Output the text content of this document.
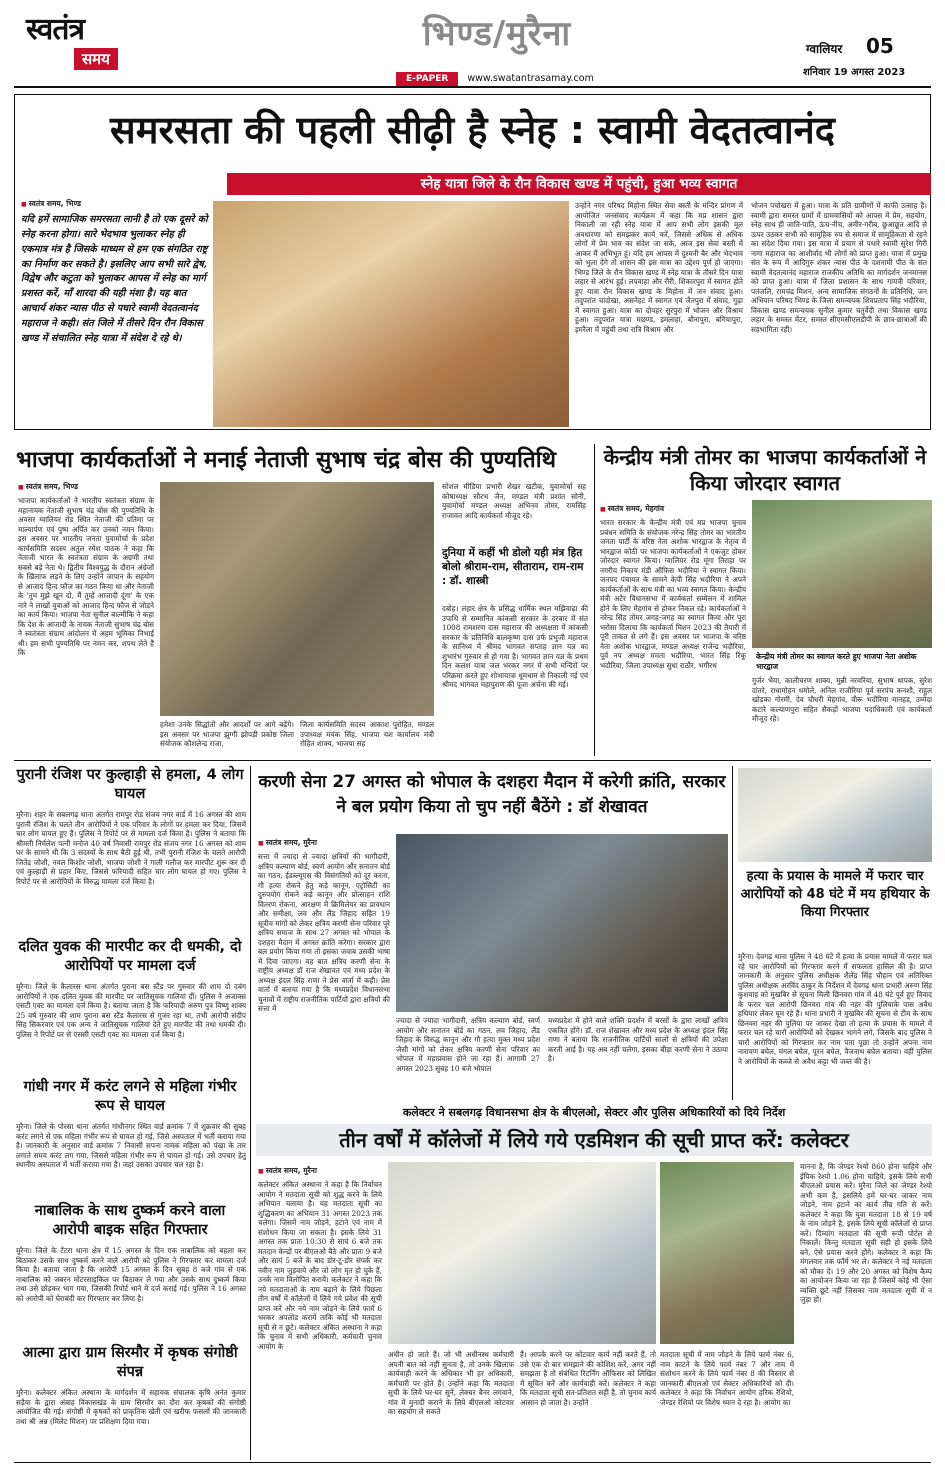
स्वतंत्र
समय
भिण्ड/मुरैना
E-PAPER www.swatantrasamay.com
ग्वालियर 05
शनिवार 19 अगस्त 2023
समरसता की पहली सीढ़ी है स्नेह : स्वामी वेदतत्वानंद
स्नेह यात्रा जिले के रौन विकास खण्ड में पहुंची, हुआ भव्य स्वागत
■ स्वतंत्र समय, भिण्ड
यदि हमें सामाजिक समरसता लानी है तो एक दूसरे को स्नेह करना होगा। सारे भेदभाव भुलाकर स्नेह ही एकमात्र मंत्र है जिसके माध्यम से हम एक संगठित राष्ट्र का निर्माण कर सकते है। इसलिए आप सभी सारे द्वेष, विद्वेष और कटुता को भुलाकर आपस में स्नेह का मार्ग प्रशस्त करें, माँ शारदा की यही मंशा है। यह बात आचार्य शंकर न्यास पीठ से पधारे स्वामी वेदतत्वानंद महाराज ने कही। संत जिले में तीसरे दिन रौन विकास खण्ड में संचालित स्नेह यात्रा में संदेश दे रहे थे।
उन्होंने नगर परिषद मिहोना स्थित सेवा बस्ती के मन्दिर प्रांगण में आयोजित जनसंवाद कार्यक्रम में कहा कि मप्र शासन द्वारा निकाली जा रही स्नेह यात्रा में आप सभी लोग इसकी मूल अवधारणा को समझकर कार्य करें, जिससे अधिक से अधिक लोगों में प्रेम भाव का संदेश जा सके, आज इस सेवा बस्ती में आकर मैं अभिभूत हूं। यदि हम आपस में दुश्मनी बैर और भेदभाव को भुला देंगे तो शासन की इस यात्रा का उद्देश्य पूर्ण हो जाएगा। भिण्ड जिले के रौन विकास खण्ड में स्नेह यात्रा के तीसरे दिन यात्रा लहार से आरंभ हुई। लपवाहा और रौरी, शिकारपुरा में स्वागत होते हुए यात्रा रौन विकास खण्ड के मिहोना में जन संवाद हुआ। तदुपरांत चांदोखा, असनेहट में स्वागत एवं जैतपुरा में संवाद, गुढ़ा में स्वागत हुआ। यात्रा का दोपहर सुरपुरा में भोजन और विश्राम हुआ। तदुपरांत यात्रा मछण्ड, इमलाहा, बौनापुरा, बगियापुरा, इमरैला में पहुंची तथा रात्रि विश्राम और
भोजन पचोखरा में हुआ। यात्रा के प्रति ग्रामीणों में काफी उत्साह है। स्वामी द्वारा समस्त ग्रामों में ग्रामवासियों को आपस में प्रेम, सहयोग, स्नेह साथ ही जाति-पाति, ऊंच-नीच, अमीर-गरीब, छुआछूत आदि से ऊपर उठकर सभी को सामूहिक रुप से समाज में सामूहिकता से रहने का संदेश दिया गया। इस यात्रा में प्रयाग से पधारे स्वामी सुरेश गिरी नागा महाराज का आशीर्वाद भी लोगों को प्राप्त हुआ। यात्रा में प्रमुख संत के रूप में आदिगुरु शंकर न्यास पीठ के दशनामी पीठ के संत स्वामी वेदतत्वानंद महाराज राजकीय अतिथि का मार्गदर्शन जनमानस को प्राप्त हुआ। यात्रा में जिला प्रशासन के साथ गायत्री परिवार, पतंजलि, रामचंद्र मिशन, अन्य सामाजिक संगठनों के प्रतिनिधि, जन अभियान परिषद भिण्ड के जिला समन्वयक शिवप्रताप सिंह भदौरिया, विकास खण्ड समन्वयक सुनील कुमार चतुर्वेदी तथा विकास खण्ड लहार के समस्त मेंटर, समस्त सीएमसीएलडीपी के छात्र-छात्राओं की सहभागिता रही।
भाजपा कार्यकर्ताओं ने मनाई नेताजी सुभाष चंद्र बोस की पुण्यतिथि
■ स्वतंत्र समय, भिण्ड
भाजपा कार्यकर्ताओं ने भारतीय स्वतंत्रता संग्राम के महानायक नेताजी सुभाष चंद्र बोस की पुण्यतिथि के अवसर ग्वालियर रोड स्थित नेताजी की प्रतिमा पर माल्यार्पण एवं पुष्प अर्पित कर उनको नमन किया। इस अवसर पर भारतीय जनता युवामोर्चा के प्रदेश कार्यसमिति सदस्य अतुल रमेश पाठक ने कहा कि नेताजी भारत के स्वतंत्रता संग्राम के अग्रणी तथा सबसे बड़े नेता थे। द्वितीय विश्वयुद्ध के दौरान अंग्रेजों के खिलाफ लड़ने के लिए उन्होंने जापान के सहयोग से आजाद हिन्द फौज का गठन किया था और नेताजी के 'तुम मुझे खून दो, मैं तुम्हें आजादी दूंगा' के एक नारे ने लाखों युवाओं को आजाद हिन्द फौज से जोड़ने का कार्य किया। भाजपा नेता सुनील बाल्मीकि ने कहा कि देश के आजादी के नायक नेताजी सुभाष चंद्र बोस ने स्वतंत्रता संग्राम आंदोलन में अहम भूमिका निभाई थी। हम सभी पुण्यतिथि पर नमन कर, शपथ लेते हैं कि
हमेशा उनके सिद्धांतों और आदर्शों पर आगे बढ़ेंगे। इस अवसर पर भाजपा झुग्गी झोपड़ी प्रकोष्ठ जिला संयोजक कौशलेन्द्र राजा,
जिला कार्यसमिति सदस्य आकाश पुरोहित, मण्डल उपाध्यक्ष मयंक सिंह, भाजपा यश कार्यालय मंत्री रोहित शाक्य, भाजपा सह
सोशल मीडिया प्रभारी शेखर खटीक, युवामोर्चा सह कोषाध्यक्ष सौरभ जैन, मण्डल मंत्री प्रशांत सोनी, युवामोर्चा मण्डल अध्यक्ष अभिनव तोमर, रामसिंह राजावत आदि कार्यकर्ता मौजूद रहे।
दुनिया में कहीं भी डोलो यही मंत्र हित बोलो श्रीराम-राम, सीताराम, राम-राम : डॉ. शास्त्री
दबोह। लहार क्षेत्र के प्रसिद्ध धार्मिक स्थल मझिवाढ़ा की उपाधि से सम्मानित कांकसी सरकार के दरबार में संत 1008 रामशरण दास महाराज की अध्यक्षता में कांकसी सरकार के प्रतिनिधि बालकृष्ण दास उर्फ प्रभुजी महाराज के सानिध्य में श्रीमद भागवत सप्ताह ज्ञान यज्ञ का शुभारंभ गुरुवार से हो गया है। भागवत ज्ञान यज्ञ के प्रथम दिन कलश यात्रा जल भरकर नगर में सभी मन्दिरों पर परिक्रमा करते हुए शोभायात्रा धूमधाम से निकाली गई एवं श्रीमद भागवत महापुराण की पूजा अर्चना की गई।
केन्द्रीय मंत्री तोमर का भाजपा कार्यकर्ताओं ने किया जोरदार स्वागत
■ स्वतंत्र समय, मेहगांव
भारत सरकार के केन्द्रीय मंत्री एवं मप्र भाजपा चुनाव प्रबंधन समिति के संयोजक नरेन्द्र सिंह तोमर का भारतीय जनता पार्टी के वरिष्ठ नेता अशोक भारद्वाज के नेतृत्व में भारद्वाज कोठी पर भाजपा कार्यकर्ताओं ने एकजुट होकर जोरदार स्वागत किया। ग्वालियर रोड मूंगा तिराहा पर नगरीय निकाय मंडी ऑफ़िस भदौरिया ने स्वागत किया। जनपद पंचायत के सामने केपी सिंह भदौरिया ने अपने कार्यकर्ताओं के साथ मंत्री का भव्य स्वागत किया। केन्द्रीय मंत्री अटेर विधानसभा में कार्यकर्ता सम्मेलन में शामिल होने के लिए मेहगांव से होकर निकल रहे। कार्यकर्ताओं ने नरेन्द्र सिंह तोमर जगह-जगह का स्वागत किया और पूरा भरोसा दिलाया कि कार्यकर्ता मिशन 2023 की तैयारी में पूरी ताकत से लगे हैं। इस अवसर पर भाजपा के वरिष्ठ नेता अशोक भारद्वाज, मण्डल अध्यक्ष राजेन्द्र भदौरिया, पूर्व नप अध्यक्ष ममता भदौरिया, भारत सिंह रिंकू भदौरिया, जिला उपाध्यक्ष सुधा राठौर, भगीरथ
केन्द्रीय मंत्री तोमर का स्वागत करते हुए भाजपा नेता अशोक भारद्वाज
गुर्जर भैया, कालीचरण शाक्य, मुन्नी नरवरिया, सुभाष थापक, सुरेश दांतरे, राधामोहन धमोले, अनिल राजौरिया पूर्व सरपंच कनशौ, राहुल खोड़का गोरमी, देव चौधरी मेहगांव, वीरू भदौरिया मानहड, उम्मेदा कटारे कल्याणपुरा सहित सैकड़ों भाजपा पदाधिकारी एवं कार्यकर्ता मौजूद रहे।
पुरानी रंजिश पर कुल्हाड़ी से हमला, 4 लोग घायल
मुरैना। शहर के सबलगढ़ थाना अंतर्गत रामपुर रोड संजय नगर वार्ड में 16 अगस्त की शाम पुरानी रंजिश के चलते तीन आरोपियों ने एक परिवार के लोगों पर हमला कर दिया, जिसमें चार लोग घायल हुए हैं। पुलिस ने रिपोर्ट पर से मामला दर्ज किया है। पुलिस ने बताया कि श्रीमती निर्मलेश पत्नी मनोज 40 वर्ष निवासी रामपुर रोड संजय नगर 16 अगस्त को शाम घर के सामने थी कि 3 सदस्यों के साथ बैठी हुई थी, तभी पुरानी रंजिश के चलते आरोपी जितेंद्र जोशी, नवल किशोर जोशी, भाजपा जोशी ने गाली गलौज कर मारपीट शुरू कर दी एवं कुल्हाड़ी से प्रहार किए, जिससे फरियादी सहित चार लोग घायल हो गए। पुलिस ने रिपोर्ट पर से आरोपियों के विरुद्ध मामला दर्ज किया है।
दलित युवक की मारपीट कर दी धमकी, दो आरोपियों पर मामला दर्ज
मुरैना। जिले के कैलारस थाना अंतर्गत पुराना बस स्टैंड पर गुरुवार की शाम दो दबंग आरोपियों ने एक दलित युवक की मारपीट पर जातिसूचक गालियां दीं। पुलिस ने अजाक्स एसटी एक्ट का मामला दर्ज किया है। बताया जाता है कि फरियादी अरुण पुत्र विष्णु शाक्य 25 वर्ष गुरुवार की शाम पुराना बस स्टैंड कैलारस से गुजर रहा था, तभी आरोपी संदीप सिंह सिकरवार एवं एक अन्य ने जातिसूचक गालियां देते हुए मारपीट की तथा धमकी दी। पुलिस ने रिपोर्ट पर से एससी एसटी एक्ट का मामला दर्ज किया है।
गांधी नगर में करंट लगने से महिला गंभीर रूप से घायल
मुरैना। जिले के पोरसा थाना अंतर्गत गांधीनगर स्थित वार्ड क्रमांक 7 में शुक्रवार की सुबह करंट लगने से एक महिला गंभीर रूप से घायल हो गई, जिसे अस्पताल में भर्ती कराया गया है। जानकारी के अनुसार वार्ड क्रमांक 7 निवासी सपना नामक महिला को पंखा के तार लगाते समय करंट लग गया, जिससे महिला गंभीर रूप से घायल हो गई। उसे उपचार हेतु स्थानीय अस्पताल में भर्ती कराया गया है। जहां उसका उपचार चल रहा है।
नाबालिक के साथ दुष्कर्म करने वाला आरोपी बाइक सहित गिरफ्तार
मुरैना। जिले के टेंटरा थाना क्षेत्र में 15 अगस्त के दिन एक नाबालिक को बहला कर बिठाकर उसके साथ दुष्कर्म करने वाले आरोपी को पुलिस ने गिरफ्तार कर मामला दर्ज किया है। बताया जाता है कि आरोपी 15 अगस्त के दिन सुबह 8 बजे गांव से एक नाबालिक को जबरन मोटरसाइकिल पर बिठाकर ले गया और उसके साथ दुष्कर्म किया तथा उसे छोड़कर भाग गया, जिसकी रिपोर्ट थाने में दर्ज कराई गई। पुलिस ने 16 अगस्त को आरोपी को घेराबंदी कर गिरफ्तार कर लिया है।
आत्मा द्वारा ग्राम सिरमौर में कृषक संगोष्ठी संपन्न
मुरैना। कलेक्टर अंकित अस्थाना के मार्गदर्शन में सहायक संचालक कृषि अनंत कुमार सड़ैया के द्वारा अंबाह विकासखंड के ग्राम सिरमौर का दौरा कर कृषकों की संगोष्ठी आयोजित की गई। संगोष्ठी में कृषकों को प्राकृतिक खेती एवं खरीफ फसलों की जानकारी तथा श्री अन्न (मिलेट मिशन) पर प्रशिक्षण दिया गया।
करणी सेना 27 अगस्त को भोपाल के दशहरा मैदान में करेगी क्रांति, सरकार ने बल प्रयोग किया तो चुप नहीं बैठेंगे : डॉ शेखावत
■ स्वतंत्र समय, मुरैना
सत्ता में ज्यादा से ज्यादा क्षत्रियों की भागीदारी, क्षत्रिय कल्याण बोर्ड, स्वर्ण आयोग और सनातन बोर्ड का गठन, ईडब्ल्यूएस की विसंगतियों को दूर करना, गौ हत्या रोकने हेतु कड़े कानून, एट्रोसिटी का दुरुपयोग रोकने कड़े कानून और प्रोत्साहन राशि वितरण रोकना, आरक्षण में क्रिमिलेयर का प्रावधान और समीक्षा, लव और लैंड जिहाद सहित 19 सूत्रीय मांगों को लेकर क्षत्रिय करणी सेना परिवार पूरे क्षत्रिय समाज के साथ 27 अगस्त को भोपाल के दशहरा मैदान में अगस्त क्रांति करेगा। सरकार द्वारा बल प्रयोग किया गया तो इसका जवाब उसकी भाषा में दिया जाएगा। यह बात क्षत्रिय करणी सेना के राष्ट्रीय अध्यक्ष डॉ राज शेखावत एवं मध्य प्रदेश के अध्यक्ष इंदल सिंह राणा ने प्रेस वार्ता में कही। प्रेस वार्ता में बताया गया है कि मध्यप्रदेश विधानसभा चुनावों में राष्ट्रीय राजनीतिक पार्टियों द्वारा क्षत्रियों की सत्ता में
ज्यादा से ज्यादा भागीदारी, क्षत्रिय कल्याण बोर्ड, स्वर्ण आयोग और सनातन बोर्ड का गठन, लव जिहाद, लैंड जिहाद के विरुद्ध कानून और गौ हत्या मुक्त मध्य प्रदेश जैसी मांगों को लेकर क्षत्रिय करणी सेना परिवार का भोपाल में महाप्रवास होने जा रहा है। आगामी 27 अगस्त 2023 सुबह 10 बजे भोपाल
मध्यप्रदेश में होने वाले शक्ति प्रदर्शन में बरसों के द्वारा लाखों क्षत्रिय एकत्रित होंगे। डॉ. राज शेखावत और मध्य प्रदेश के अध्यक्ष इंदल सिंह राणा ने बताया कि राजनीतिक पार्टियों सालों से क्षत्रियों की उपेक्षा करती आई है। यह अब नहीं चलेगा, इसका बीड़ा करणी सेना ने उठाया है।
हत्या के प्रयास के मामले में फरार चार आरोपियों को 48 घंटे में मय हथियार के किया गिरफ्तार
मुरैना। देवगढ़ थाना पुलिस ने 48 घंटे में हत्या के प्रयास मामले में फरार चल रहे चार आरोपियों को गिरफ्तार करने में सफलता हासिल की है। प्राप्त जानकारी के अनुसार पुलिस अधीक्षक शैलेंद्र सिंह चौहान एवं अतिरिक्त पुलिस अधीक्षक अरविंद ठाकुर के निर्देशन में देवगढ़ थाना प्रभारी अरुण सिंह कुशवाह को मुखबिर से सूचना मिली छिनवरा गांव में 48 घंटे पूर्व हुए विवाद के फरार चल आरोपी छिनवरा गांव की नहर की पुलियाके पास अवैध हथियार लेकर घूम रहे हैं। थाना प्रभारी ने मुखबिर की सूचना से टीम के साथ छिनवरा नहर की पुलिया पर जाकर देखा तो हत्या के प्रयास के मामले में फरार चल रहे चारों आरोपियों को देखकर भागने लगे, जिसके बाद पुलिस ने चारों आरोपियों को गिरफ्तार कर नाम पता पूछा तो उन्होंने अपना नाम नारायण बघेल, मंगल बघेल, पूरन बघेल, वैजनाथ बघेल बताया। वहीं पुलिस ने आरोपियों के कब्जे से अवैध कट्टा भी जब्त की है।
कलेक्टर ने सबलगढ़ विधानसभा क्षेत्र के बीएलओ, सेक्टर और पुलिस अधिकारियों को दिये निर्देश
तीन वर्षों में कॉलेजों में लिये गये एडमिशन की सूची प्राप्त करें: कलेक्टर
■ स्वतंत्र समय, मुरैना
कलेक्टर अंकित अस्थाना ने कहा है कि निर्वाचन आयोग ने मतदाता सूची को शुद्ध करने के लिये अभियान चलाया है। यह मतदाता सूची का शुद्धिकरण का अभियान 31 अगस्त 2023 तक चलेगा। जिसमें नाम जोड़ने, हटाने एवं नाम में संशोधन किया जा सकता है। इसके लिये 31 अगस्त तक प्रातः 10:30 से सायं 6 बजे तक मतदान केन्द्रों पर बीएलओ बैठे और प्रातः 9 बजे और सायं 5 बजे के बाद डोर-टू-डोर संपर्क कर नवीन नाम जुड़वाये और जो लोग मृत हो चुके हैं, उनके नाम विलोपित करायें। कलेक्टर ने कहा कि नये मतदाताओं के नाम बढ़ाने के लिये पिछला तीन वर्षों में कॉलेजों में लिये गये प्रवेश की सूची प्राप्त करें और नये नाम जोड़ने के लिये फार्म 6 भरकर अपलोड करायें ताकि कोई भी मतदाता सूची से न छूटे। कलेक्टर अंकित अस्थाना ने कहा कि चुनाव में सभी अधिकारी, कर्मचारी चुनाव आयोग के
अधीन हो जाते हैं। जो भी अधीनस्थ कर्मचारी अपनी बात को नहीं सुनता है, तो उनके खिलाफ कार्यवाही करने के अधिकार भी हर अधिकारी, कर्मचारी पर होते हैं। उन्होंने कहा कि मतदाता सूची के लिये घर-घर सुनें, लेक्चर बैनर लगवाने, गांव में मुनादी कराने के लिये बीएलओ कोटवार का सहयोग ले सकते
हैं। आपके करने पर कोटवार कार्य नहीं करते हैं, तो उसे एक दो बार समझाने की कोशिश करें, अगर नहीं समझता है तो संबंधित रिटर्निंग ऑफिसर को लिखित में सूचित करें और कार्यवाही करें। कलेक्टर ने कहा कि मतदाता सूची सत-प्रतिशत सही है, तो चुनाव कार्य आसान हो जाता है। उन्होंने
मतदाता सूची में नाम जोड़ने के लिये फार्म नंबर 6, नाम काटने के लिये फार्म नंबर 7 और नाम में संशोधन करने के लिये फार्म नंबर 8 की विस्तार से जानकारी बीएलओ एवं सेक्टर अधिकारियों को दी। कलेक्टर ने कहा कि निर्वाचन आयोग हरिक रेशियो, जेण्डर रेशियो पर विशेष ध्यान दे रहा है। आयोग का
मानना है, कि जेण्डर रेश्यो 860 होना चाहिये और ईपिक रेश्यो 1.06 होना चाहिये, इसके लिये सभी बीएलओ प्रयास करें। मुरैना जिले का जेण्डर रेश्यो अभी कम है, इसलिये हमें घर-घर जाकर नाम जोड़ने, नाम हटाने का कार्य तीव्र गति से करें। कलेक्टर ने कहा कि युवा मतदाता 18 से 19 वर्ष के नाम जोड़ने है, इसके लिये सूची कॉलेजों से प्राप्त करें। दिव्यांग मतदाता की सूची रूपी पोर्टल से निकालें। किन्तु मतदाता सूची सही हो इसके लिये बने, ऐसे प्रयास करने होंगे। कलेक्टर ने कहा कि मंगलवार तक फॉर्म भर ले। कलेक्टर ने नई मतदाता को मौका दें। 19 और 20 अगस्त को विशेष कैम्प का आयोजन किया जा रहा है जिसमें कोई भी ऐसा व्यक्ति छूटे नहीं जिसका नाम मतदाता सूची में न जुड़ा हो।
